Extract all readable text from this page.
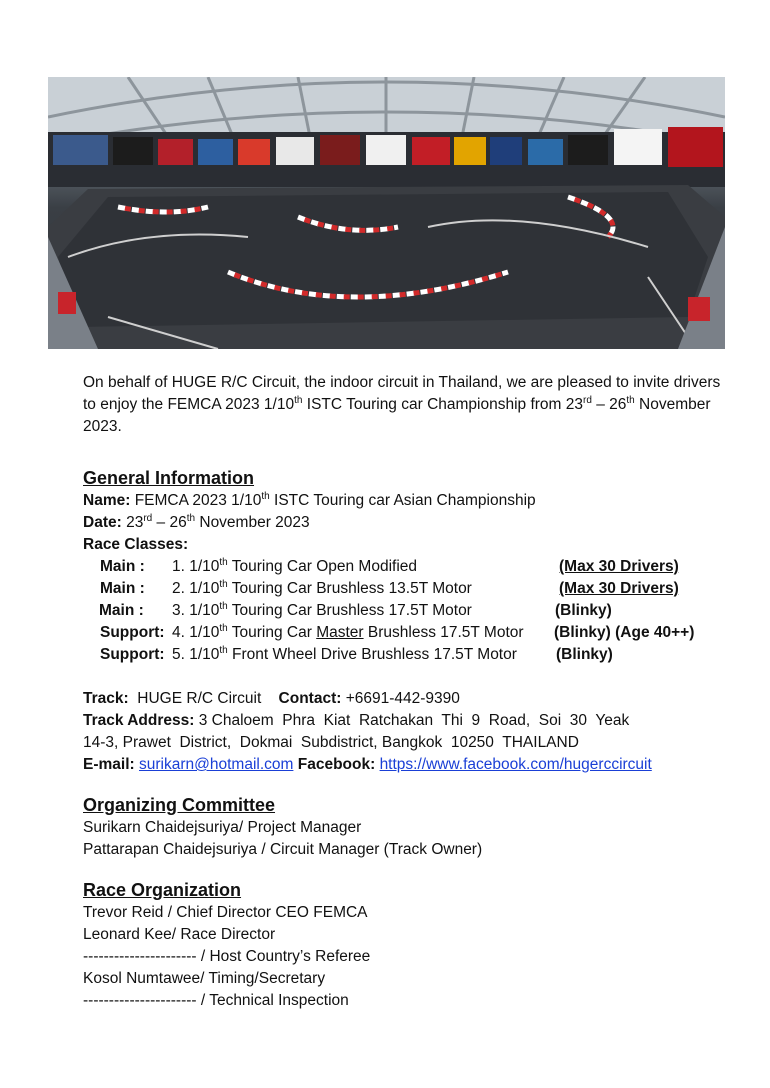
On behalf of HUGE R/C Circuit, the indoor circuit in Thailand, we are pleased to invite drivers to enjoy the FEMCA 2023 1/10th ISTC Touring car Championship from 23rd – 26th November 2023.

General Information
Name: FEMCA 2023 1/10th ISTC Touring car Asian Championship
Date: 23rd – 26th November 2023
Race Classes:
Main : 1. 1/10th Touring Car Open Modified	(Max 30 Drivers)
Main : 2. 1/10th Touring Car Brushless 13.5T Motor	(Max 30 Drivers)
Main : 3. 1/10th Touring Car Brushless 17.5T Motor	(Blinky)
Support: 4. 1/10th Touring Car Master Brushless 17.5T Motor (Blinky) (Age 40++)
Support: 5. 1/10th Front Wheel Drive Brushless 17.5T Motor	(Blinky)
Track:  HUGE R/C Circuit    Contact: +6691-442-9390
Track Address: 3 Chaloem  Phra  Kiat  Ratchakan  Thi  9  Road,  Soi  30  Yeak
14-3, Prawet  District,  Dokmai  Subdistrict, Bangkok  10250  THAILAND
E-mail: surikarn@hotmail.com Facebook: https://www.facebook.com/hugerccircuit
Organizing Committee
Surikarn Chaidejsuriya/ Project Manager
Pattarapan Chaidejsuriya / Circuit Manager (Track Owner)
Race Organization
Trevor Reid / Chief Director CEO FEMCA
Leonard Kee/ Race Director
---------------------- / Host Country’s Referee
Kosol Numtawee/ Timing/Secretary
---------------------- / Technical Inspection
